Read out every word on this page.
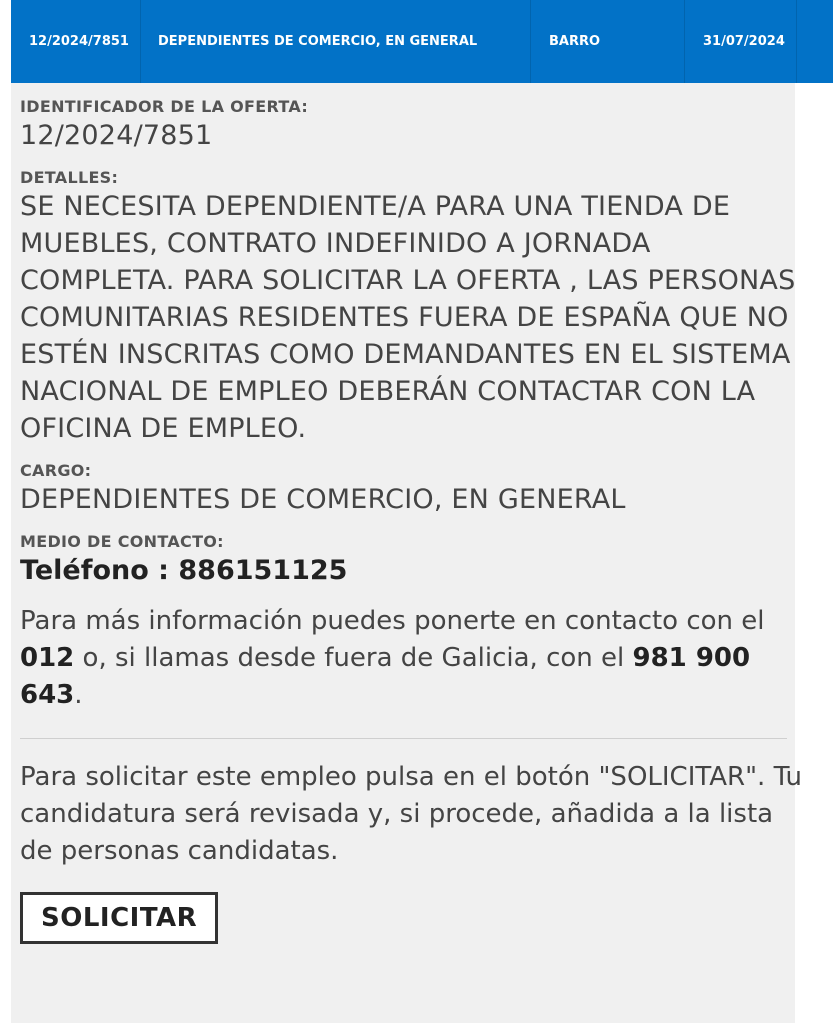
12/2024/7851	DEPENDIENTES DE COMERCIO, EN GENERAL	BARRO	31/07/2024
IDENTIFICADOR DE LA OFERTA:
12/2024/7851
DETALLES:
SE NECESITA DEPENDIENTE/A PARA UNA TIENDA DE MUEBLES, CONTRATO INDEFINIDO A JORNADA COMPLETA. PARA SOLICITAR LA OFERTA , LAS PERSONAS COMUNITARIAS RESIDENTES FUERA DE ESPAÑA QUE NO ESTÉN INSCRITAS COMO DEMANDANTES EN EL SISTEMA NACIONAL DE EMPLEO DEBERÁN CONTACTAR CON LA OFICINA DE EMPLEO.
CARGO:
DEPENDIENTES DE COMERCIO, EN GENERAL
MEDIO DE CONTACTO:
Teléfono : 886151125
Para más información puedes ponerte en contacto con el 012 o, si llamas desde fuera de Galicia, con el 981 900 643.
Para solicitar este empleo pulsa en el botón "SOLICITAR". Tu candidatura será revisada y, si procede, añadida a la lista de personas candidatas.
SOLICITAR
